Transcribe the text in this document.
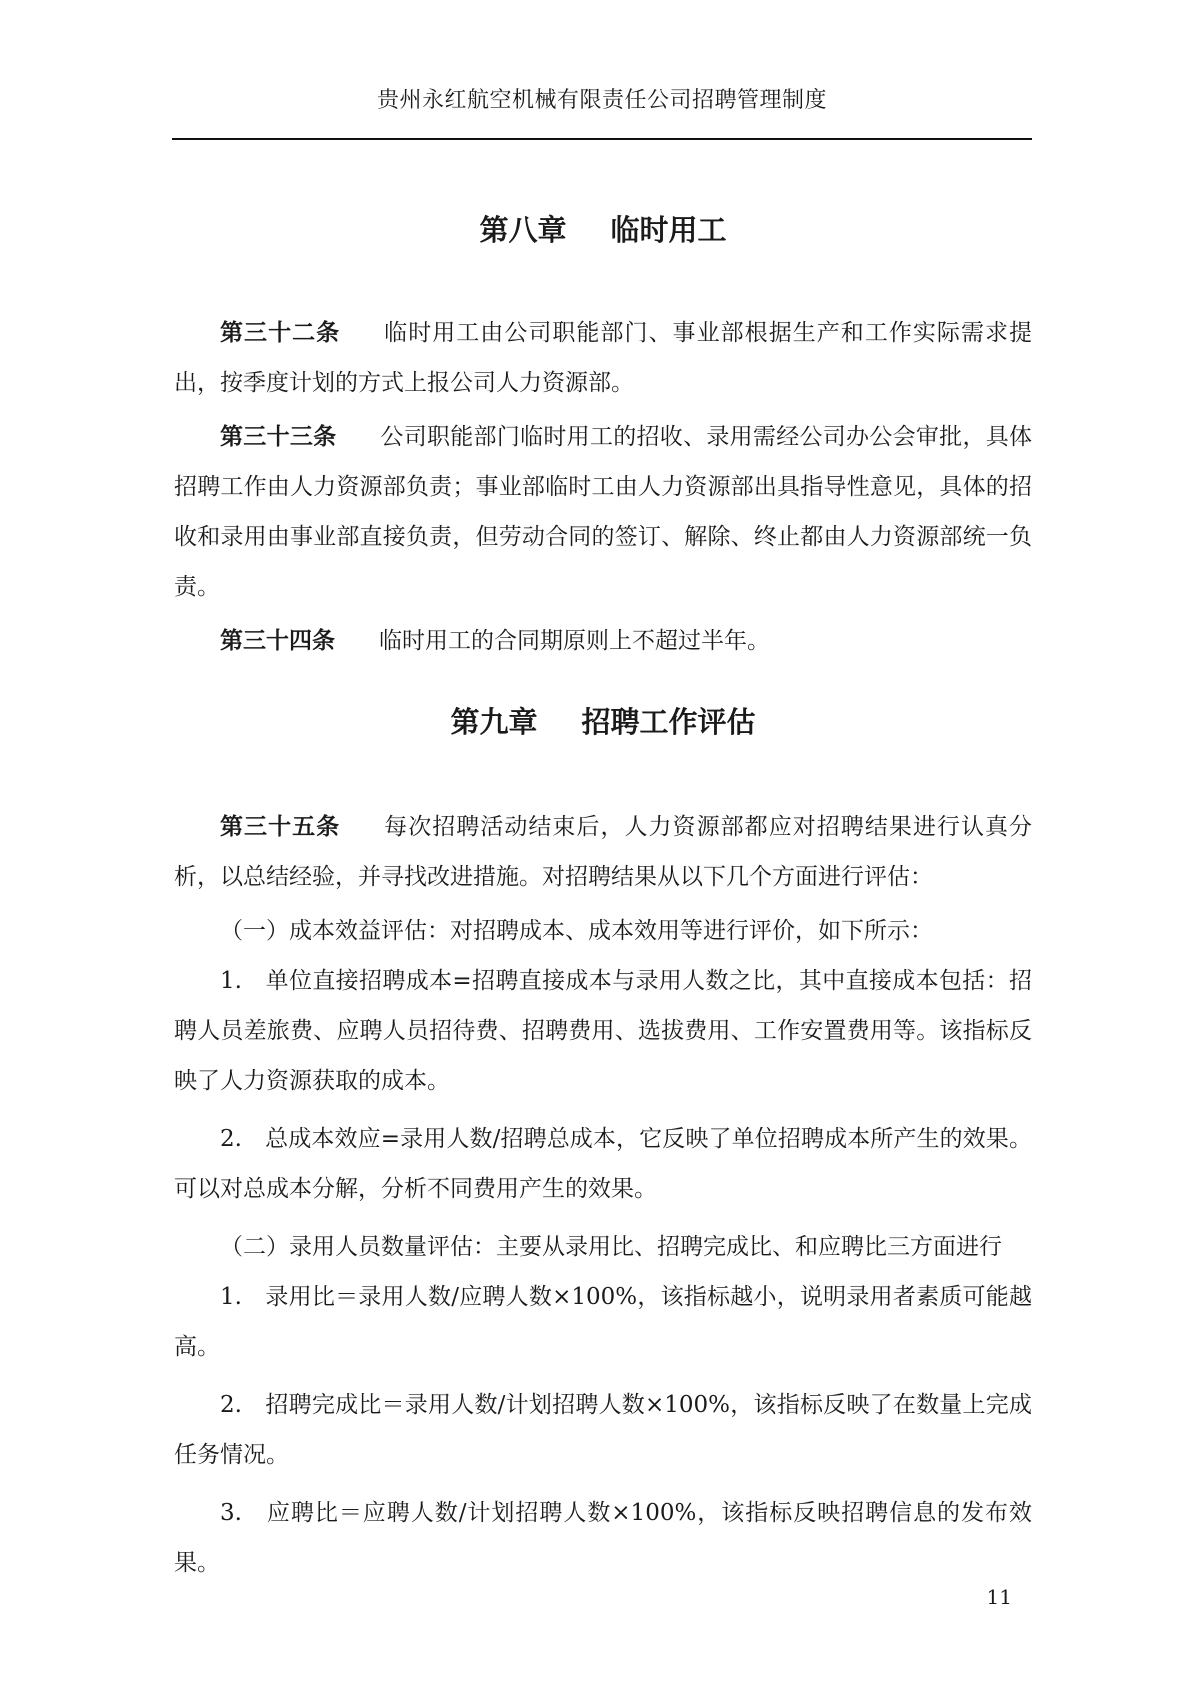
贵州永红航空机械有限责任公司招聘管理制度
第八章 临时用工

第三十二条 临时用工由公司职能部门、事业部根据生产和工作实际需求提出，按季度计划的方式上报公司人力资源部。

第三十三条 公司职能部门临时用工的招收、录用需经公司办公会审批，具体招聘工作由人力资源部负责；事业部临时工由人力资源部出具指导性意见，具体的招收和录用由事业部直接负责，但劳动合同的签订、解除、终止都由人力资源部统一负责。

第三十四条 临时用工的合同期原则上不超过半年。

第九章 招聘工作评估

第三十五条 每次招聘活动结束后，人力资源部都应对招聘结果进行认真分析，以总结经验，并寻找改进措施。对招聘结果从以下几个方面进行评估：

（一）成本效益评估：对招聘成本、成本效用等进行评价，如下所示：

1.　单位直接招聘成本=招聘直接成本与录用人数之比，其中直接成本包括：招聘人员差旅费、应聘人员招待费、招聘费用、选拔费用、工作安置费用等。该指标反映了人力资源获取的成本。

2.　总成本效应=录用人数/招聘总成本，它反映了单位招聘成本所产生的效果。可以对总成本分解，分析不同费用产生的效果。

（二）录用人员数量评估：主要从录用比、招聘完成比、和应聘比三方面进行

1.　录用比＝录用人数/应聘人数×100%，该指标越小，说明录用者素质可能越高。

2.　招聘完成比＝录用人数/计划招聘人数×100%，该指标反映了在数量上完成任务情况。

3.　应聘比＝应聘人数/计划招聘人数×100%，该指标反映招聘信息的发布效果。

11
